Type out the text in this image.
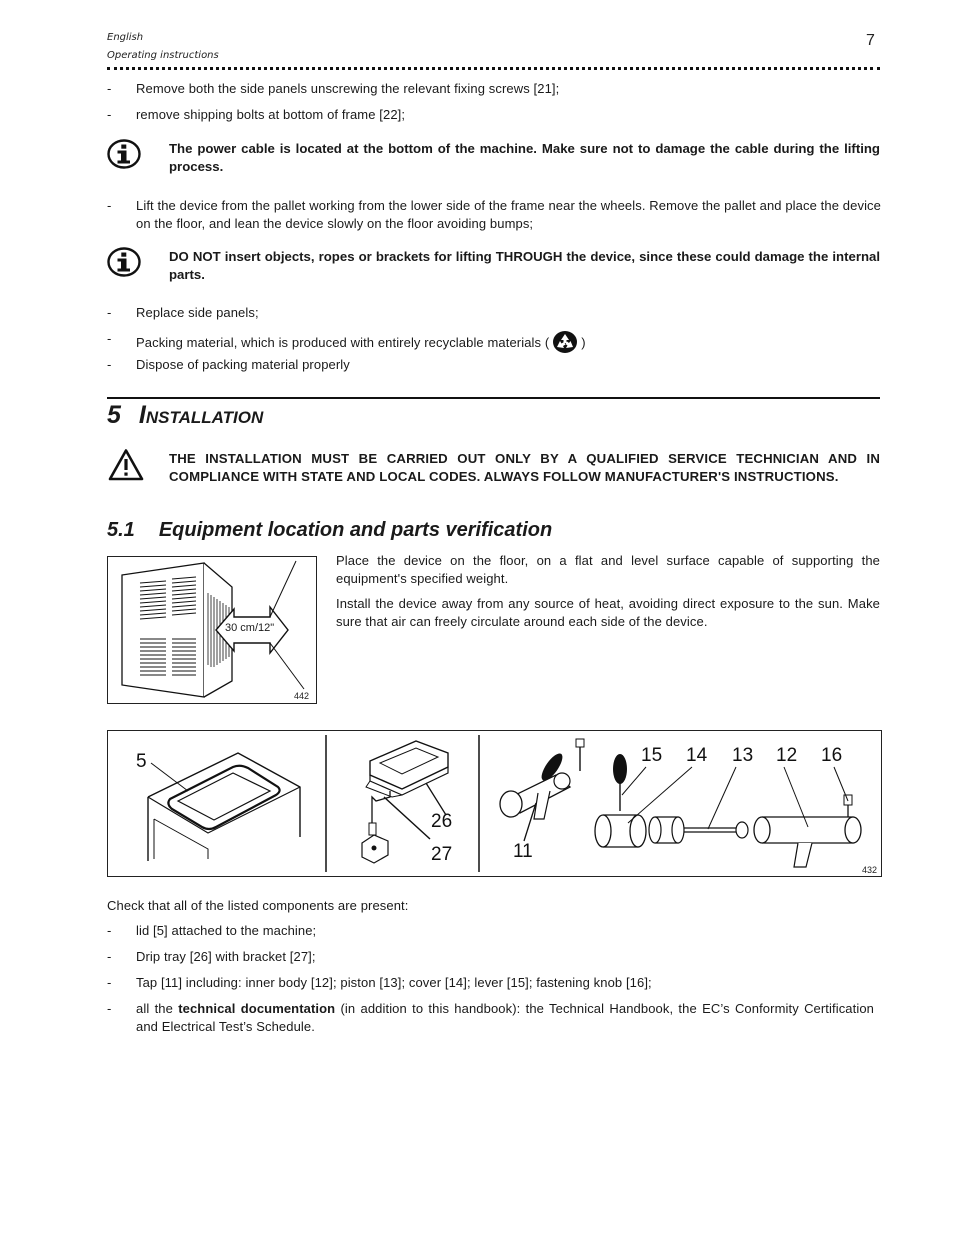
English
Operating instructions
7
- Remove both the side panels unscrewing the relevant fixing screws [21];
- remove shipping bolts at bottom of frame [22];
The power cable is located at the bottom of the machine. Make sure not to damage the cable during the lifting process.
- Lift the device from the pallet working from the lower side of the frame near the wheels. Remove the pallet and place the device on the floor, and lean the device slowly on the floor avoiding bumps;
DO NOT insert objects, ropes or brackets for lifting THROUGH the device, since these could damage the internal parts.
- Replace side panels;
- Packing material, which is produced with entirely recyclable materials ( )
- Dispose of packing material properly
5 INSTALLATION
THE INSTALLATION MUST BE CARRIED OUT ONLY BY A QUALIFIED SERVICE TECHNICIAN AND IN COMPLIANCE WITH STATE AND LOCAL CODES. ALWAYS FOLLOW MANUFACTURER'S INSTRUCTIONS.
5.1 Equipment location and parts verification
30 cm/12"
442
Place the device on the floor, on a flat and level surface capable of supporting the equipment's specified weight.
Install the device away from any source of heat, avoiding direct exposure to the sun. Make sure that air can freely circulate around each side of the device.
5
26
27	11
15 14 13 12 16
432
Check that all of the listed components are present:
- lid [5] attached to the machine;
- Drip tray [26] with bracket [27];
- Tap [11] including: inner body [12]; piston [13]; cover [14]; lever [15]; fastening knob [16];
- all the technical documentation (in addition to this handbook): the Technical Handbook, the EC’s Conformity Certification and Electrical Test’s Schedule.
